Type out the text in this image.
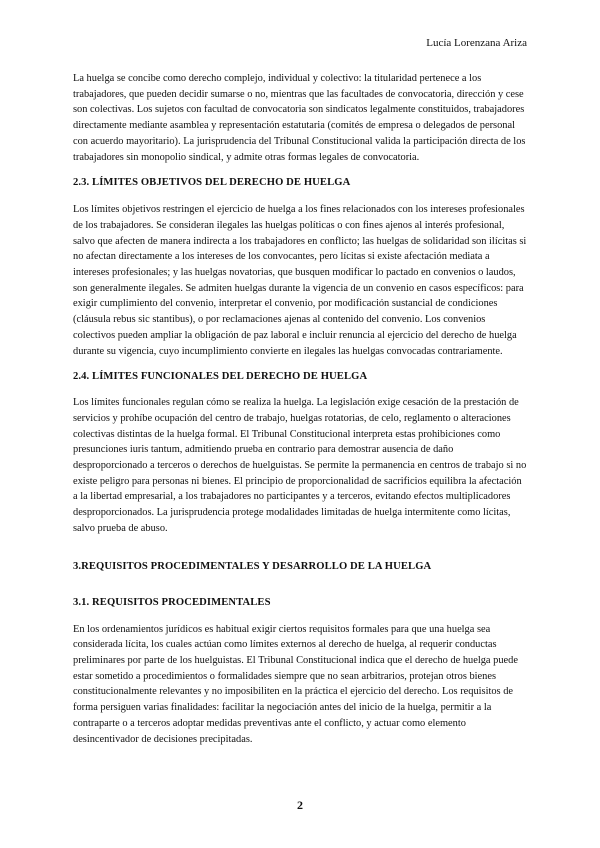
Lucía Lorenzana Ariza

La huelga se concibe como derecho complejo, individual y colectivo: la titularidad pertenece a los trabajadores, que pueden decidir sumarse o no, mientras que las facultades de convocatoria, dirección y cese son colectivas. Los sujetos con facultad de convocatoria son sindicatos legalmente constituidos, trabajadores directamente mediante asamblea y representación estatutaria (comités de empresa o delegados de personal con acuerdo mayoritario). La jurisprudencia del Tribunal Constitucional valida la participación directa de los trabajadores sin monopolio sindical, y admite otras formas legales de convocatoria.

2.3. LÍMITES OBJETIVOS DEL DERECHO DE HUELGA

Los límites objetivos restringen el ejercicio de huelga a los fines relacionados con los intereses profesionales de los trabajadores. Se consideran ilegales las huelgas políticas o con fines ajenos al interés profesional, salvo que afecten de manera indirecta a los trabajadores en conflicto; las huelgas de solidaridad son ilícitas si no afectan directamente a los intereses de los convocantes, pero lícitas si existe afectación mediata a intereses profesionales; y las huelgas novatorias, que busquen modificar lo pactado en convenios o laudos, son generalmente ilegales. Se admiten huelgas durante la vigencia de un convenio en casos específicos: para exigir cumplimiento del convenio, interpretar el convenio, por modificación sustancial de condiciones (cláusula rebus sic stantibus), o por reclamaciones ajenas al contenido del convenio. Los convenios colectivos pueden ampliar la obligación de paz laboral e incluir renuncia al ejercicio del derecho de huelga durante su vigencia, cuyo incumplimiento convierte en ilegales las huelgas convocadas contrariamente.

2.4. LÍMITES FUNCIONALES DEL DERECHO DE HUELGA

Los límites funcionales regulan cómo se realiza la huelga. La legislación exige cesación de la prestación de servicios y prohíbe ocupación del centro de trabajo, huelgas rotatorias, de celo, reglamento o alteraciones colectivas distintas de la huelga formal. El Tribunal Constitucional interpreta estas prohibiciones como presunciones iuris tantum, admitiendo prueba en contrario para demostrar ausencia de daño desproporcionado a terceros o derechos de huelguistas. Se permite la permanencia en centros de trabajo si no existe peligro para personas ni bienes. El principio de proporcionalidad de sacrificios equilibra la afectación a la libertad empresarial, a los trabajadores no participantes y a terceros, evitando efectos multiplicadores desproporcionados. La jurisprudencia protege modalidades limitadas de huelga intermitente como lícitas, salvo prueba de abuso.

3.REQUISITOS PROCEDIMENTALES Y DESARROLLO DE LA HUELGA
3.1. REQUISITOS PROCEDIMENTALES

En los ordenamientos jurídicos es habitual exigir ciertos requisitos formales para que una huelga sea considerada lícita, los cuales actúan como límites externos al derecho de huelga, al requerir conductas preliminares por parte de los huelguistas. El Tribunal Constitucional indica que el derecho de huelga puede estar sometido a procedimientos o formalidades siempre que no sean arbitrarios, protejan otros bienes constitucionalmente relevantes y no imposibiliten en la práctica el ejercicio del derecho. Los requisitos de forma persiguen varias finalidades: facilitar la negociación antes del inicio de la huelga, permitir a la contraparte o a terceros adoptar medidas preventivas ante el conflicto, y actuar como elemento desincentivador de decisiones precipitadas.

2
